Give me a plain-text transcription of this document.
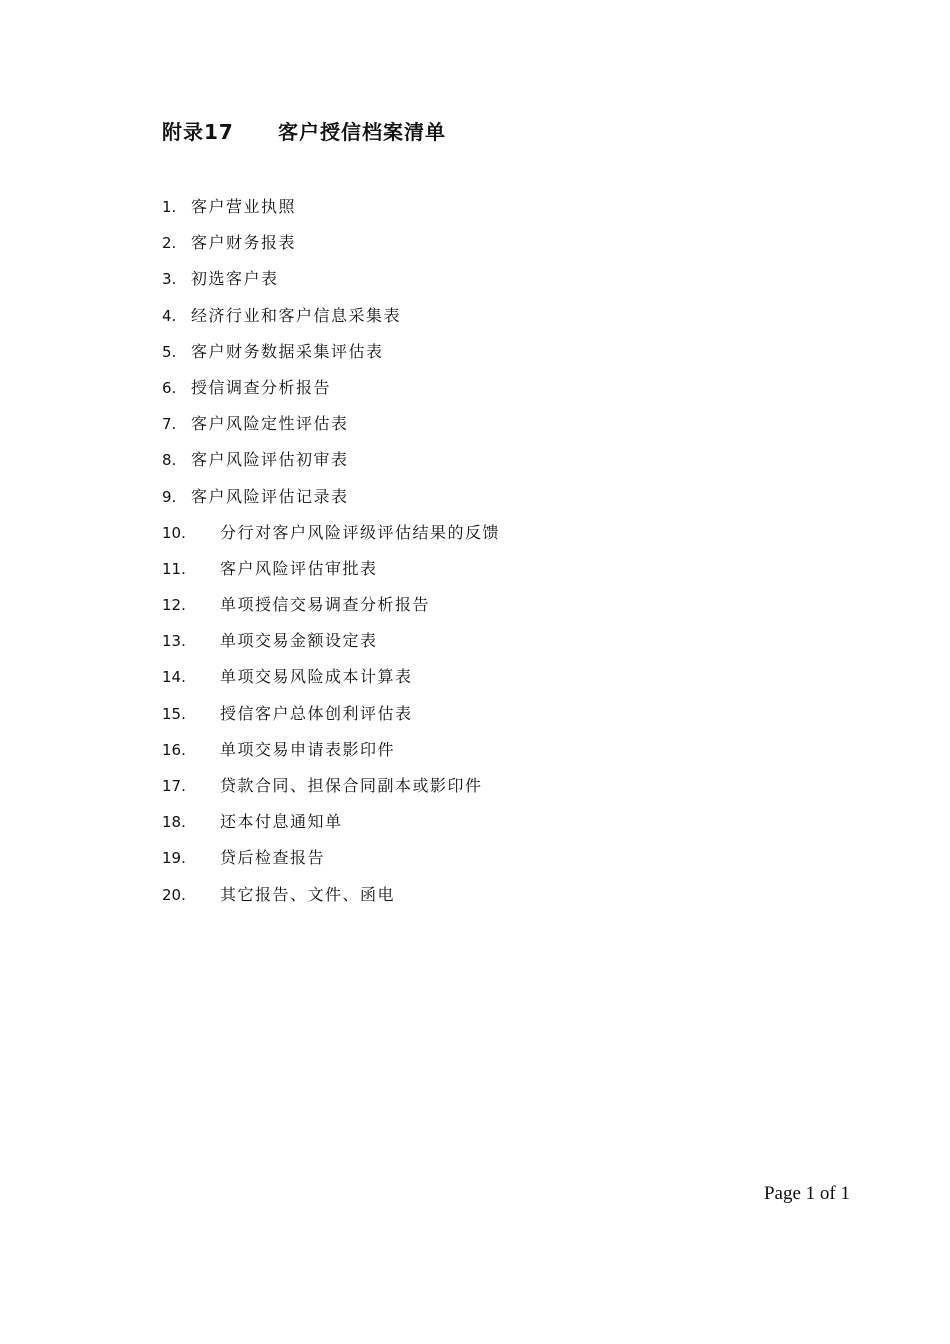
附录17 客户授信档案清单
1. 客户营业执照
2. 客户财务报表
3. 初选客户表
4. 经济行业和客户信息采集表
5. 客户财务数据采集评估表
6. 授信调查分析报告
7. 客户风险定性评估表
8. 客户风险评估初审表
9. 客户风险评估记录表
10. 分行对客户风险评级评估结果的反馈
11. 客户风险评估审批表
12. 单项授信交易调查分析报告
13. 单项交易金额设定表
14. 单项交易风险成本计算表
15. 授信客户总体创利评估表
16. 单项交易申请表影印件
17. 贷款合同、担保合同副本或影印件
18. 还本付息通知单
19. 贷后检查报告
20. 其它报告、文件、函电
Page 1 of 1
